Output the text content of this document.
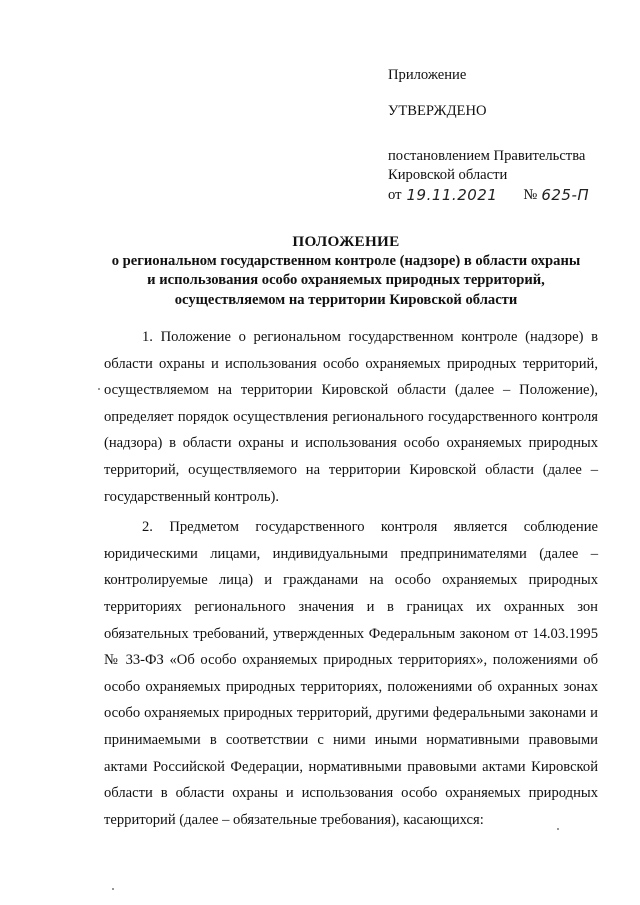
Приложение
УТВЕРЖДЕНО
постановлением Правительства
Кировской области
от 19.11.2021 № 625-П
ПОЛОЖЕНИЕ
о региональном государственном контроле (надзоре) в области охраны
и использования особо охраняемых природных территорий,
осуществляемом на территории Кировской области

1. Положение о региональном государственном контроле (надзоре) в области охраны и использования особо охраняемых природных территорий, осуществляемом на территории Кировской области (далее – Положение), определяет порядок осуществления регионального государственного контроля (надзора) в области охраны и использования особо охраняемых природных территорий, осуществляемого на территории Кировской области (далее – государственный контроль).

2. Предметом государственного контроля является соблюдение юридическими лицами, индивидуальными предпринимателями (далее – контролируемые лица) и гражданами на особо охраняемых природных территориях регионального значения и в границах их охранных зон обязательных требований, утвержденных Федеральным законом от 14.03.1995 № 33-ФЗ «Об особо охраняемых природных территориях», положениями об особо охраняемых природных территориях, положениями об охранных зонах особо охраняемых природных территорий, другими федеральными законами и принимаемыми в соответствии с ними иными нормативными правовыми актами Российской Федерации, нормативными правовыми актами Кировской области в области охраны и использования особо охраняемых природных территорий (далее – обязательные требования), касающихся:
